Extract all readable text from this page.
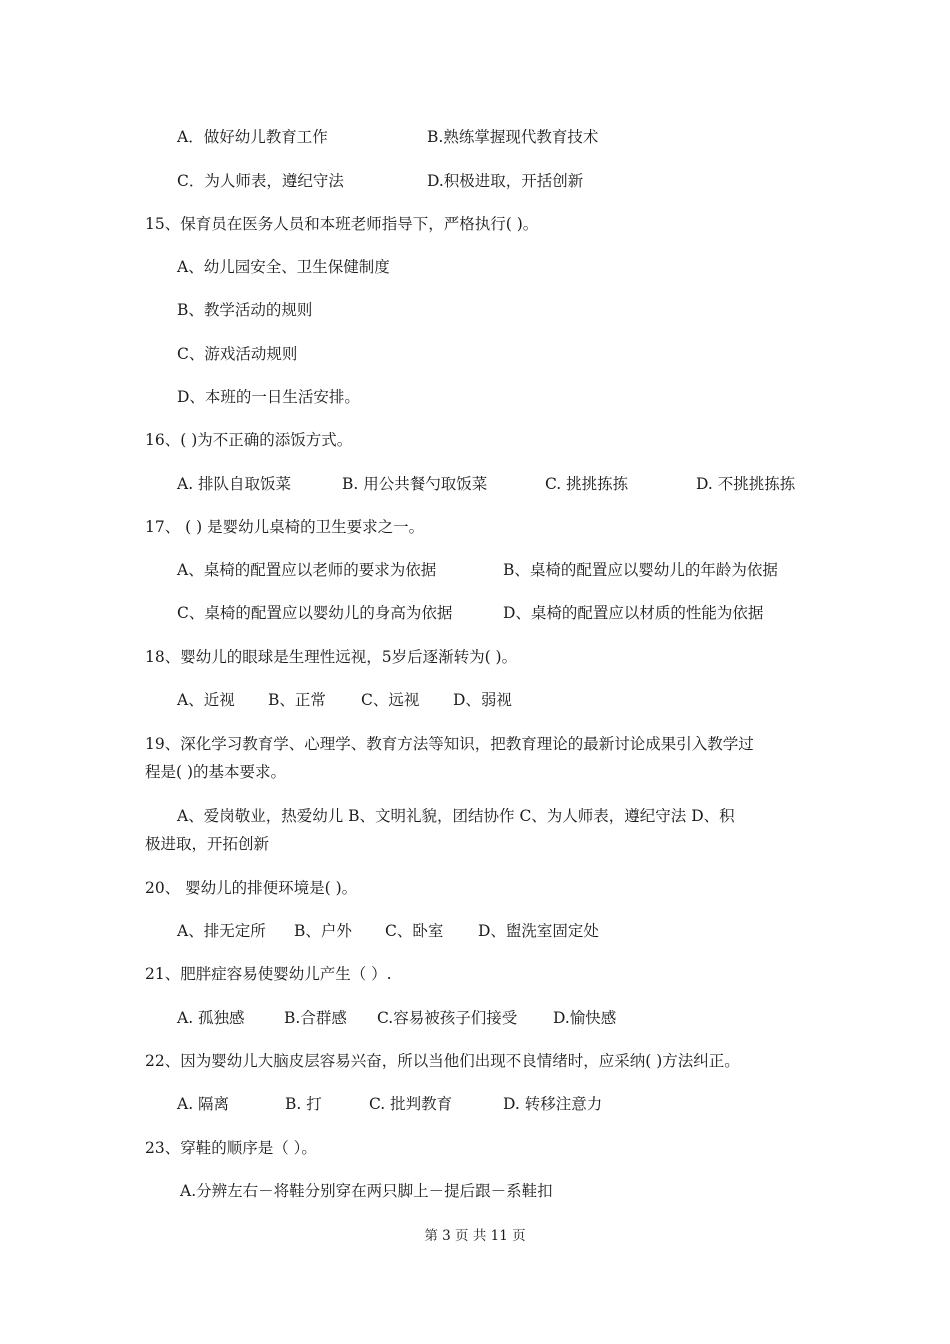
A．做好幼儿教育工作	B.熟练掌握现代教育技术
C．为人师表，遵纪守法	D.积极进取，开括创新
15、保育员在医务人员和本班老师指导下，严格执行( )。
A、幼儿园安全、卫生保健制度
B、教学活动的规则
C、游戏活动规则
D、本班的一日生活安排。
16、( )为不正确的添饭方式。
A. 排队自取饭菜	B. 用公共餐勺取饭菜	C. 挑挑拣拣	D. 不挑挑拣拣
17、 ( ) 是婴幼儿桌椅的卫生要求之一。
A、桌椅的配置应以老师的要求为依据	B、桌椅的配置应以婴幼儿的年龄为依据
C、桌椅的配置应以婴幼儿的身高为依据	D、桌椅的配置应以材质的性能为依据
18、婴幼儿的眼球是生理性远视，5岁后逐渐转为( )。
A、近视 B、正常 C、远视 D、弱视
19、深化学习教育学、心理学、教育方法等知识，把教育理论的最新讨论成果引入教学过
程是( )的基本要求。
A、爱岗敬业，热爱幼儿 B、文明礼貌，团结协作 C、为人师表，遵纪守法 D、积
极进取，开拓创新
20、 婴幼儿的排便环境是( )。
A、排无定所 B、户外 C、卧室 D、盥洗室固定处
21、肥胖症容易使婴幼儿产生（ ）.
A. 孤独感	B.合群感 C.容易被孩子们接受 D.愉快感
22、因为婴幼儿大脑皮层容易兴奋，所以当他们出现不良情绪时，应采纳( )方法纠正。
A. 隔离	B. 打	C. 批判教育	D. 转移注意力
23、穿鞋的顺序是（ ）。
A.分辨左右－将鞋分别穿在两只脚上－提后跟－系鞋扣
第 3 页 共 11 页
